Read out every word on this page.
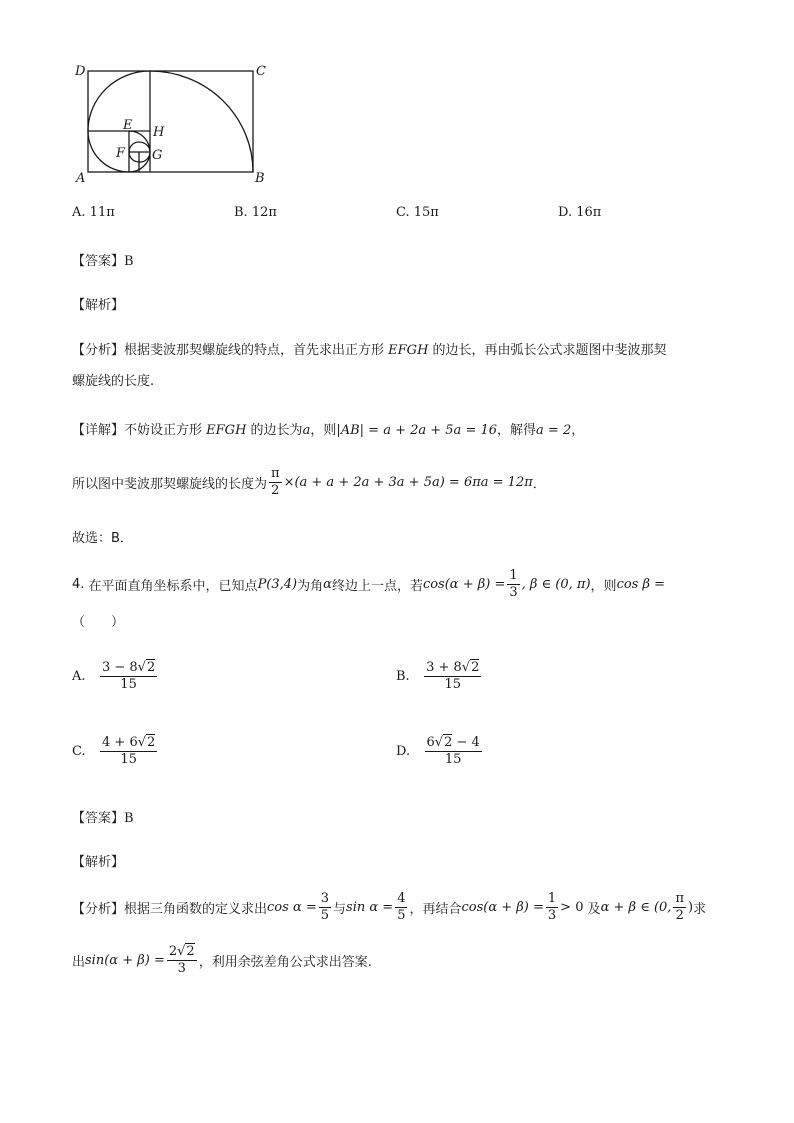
D	C
A	B
E H
F G
A. 11π	B. 12π	C. 15π	D. 16π
【答案】B
【解析】
【分析】根据斐波那契螺旋线的特点，首先求出正方形 EFGH 的边长，再由弧长公式求题图中斐波那契
螺旋线的长度.
【详解】不妨设正方形 EFGH 的边长为a，则|AB| = a + 2a + 5a = 16，解得a = 2，
所以图中斐波那契螺旋线的长度为 $\frac{\pi}{2} \times(a + a + 2a + 3a + 5a) = 6\pi a = 12\pi$ ．
故选：B．
4.
在平面直角坐标系中，已知点 P(3,4) 为角 α 终边上一点，若 $\cos(\alpha + \beta) = \frac{1}{3}$ , β ∈ (0, π) ，则 cos β =
（　　）
A.
$\frac{3 - 8√2}{15}$	B.
$\frac{3 + 8√2}{15}$
C.
$\frac{4 + 6√2}{15}$	D.
$\frac{6√2 - 4}{15}$
【答案】B
【解析】
【分析】 根据三角函数的定义求出 $\cos \alpha = \frac{3}{5}$ 与 $\sin \alpha = \frac{4}{5}$ ，再结合 $\cos(\alpha + \beta) = \frac{1}{3} > 0$
及 α + β ∈ (0, $\frac{\pi}{2}$ ) 求
出 $\sin(\alpha + \beta) = \frac{2√2}{3}$ ，利用余弦差角公式求出答案.
